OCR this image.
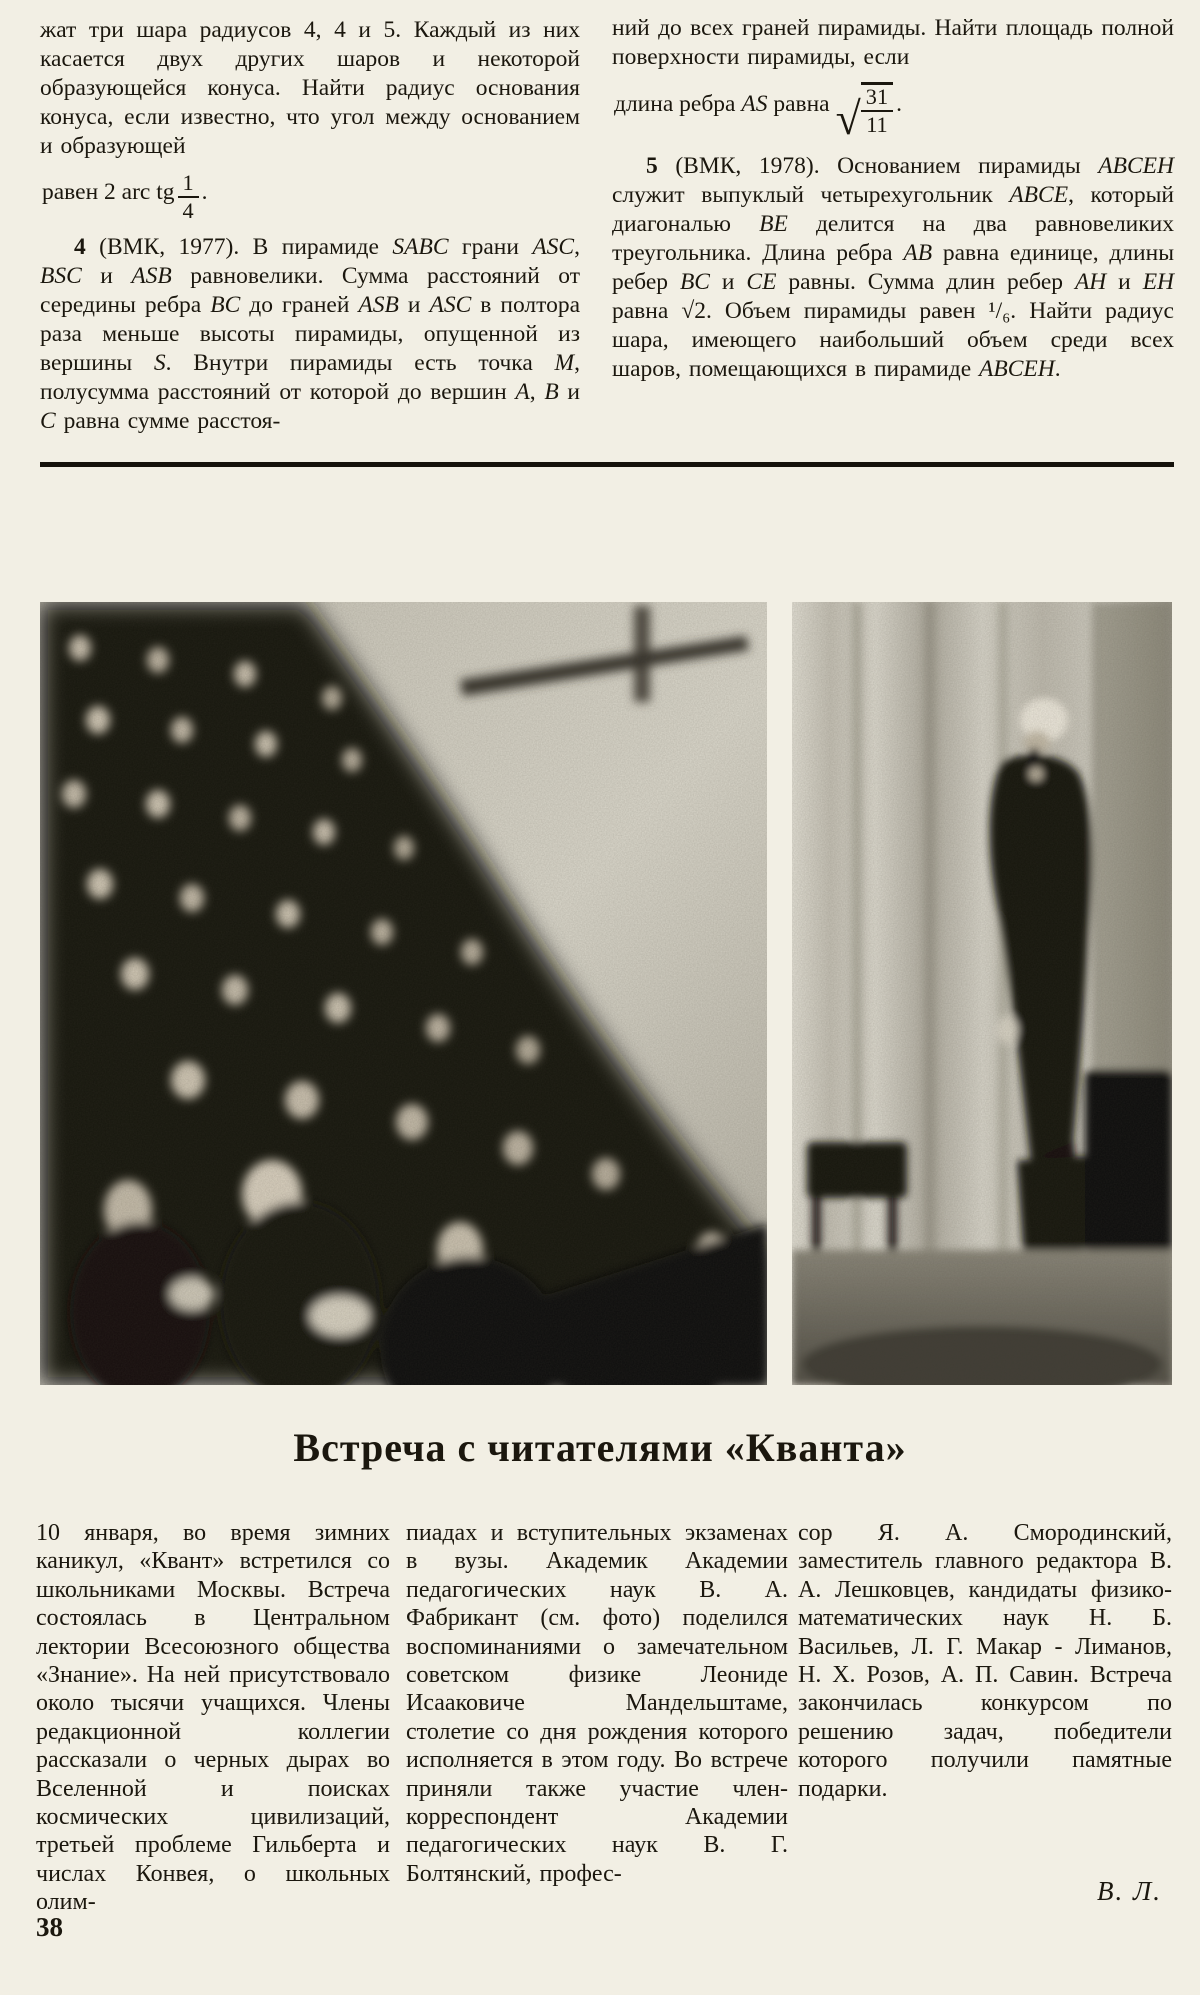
жат три шара радиусов 4, 4 и 5. Каждый из них касается двух других шаров и некоторой образующейся конуса. Найти радиус основания конуса, если известно, что угол между основанием и образующей

равен 2 arc tg $\frac{1}{4}$ .

4 (ВМК, 1977). В пирамиде SABC грани ASC, BSC и ASB равновелики. Сумма расстояний от середины ребра BC до граней ASB и ASC в полтора раза меньше высоты пирамиды, опущенной из вершины S. Внутри пирамиды есть точка M, полусумма расстояний от которой до вершин A, B и C равна сумме расстоя-

ний до всех граней пирамиды. Найти площадь полной поверхности пирамиды, если

длина ребра AS равна √ $\frac{31}{11}$ .

5 (ВМК, 1978). Основанием пирамиды ABCEH служит выпуклый четырехугольник ABCE, который диагональю BE делится на два равновеликих треугольника. Длина ребра AB равна единице, длины ребер BC и CE равны. Сумма длин ребер AH и EH равна √2. Объем пирамиды равен ¹/₆. Найти радиус шара, имеющего наибольший объем среди всех шаров, помещающихся в пирамиде ABCEH.

Встреча с читателями «Кванта»

10 января, во время зимних каникул, «Квант» встретился со школьниками Москвы. Встреча состоялась в Центральном лектории Всесоюзного общества «Знание». На ней присутствовало около тысячи учащихся. Члены редакционной коллегии рассказали о черных дырах во Вселенной и поисках космических цивилизаций, третьей проблеме Гильберта и числах Конвея, о школьных олим-

пиадах и вступительных экзаменах в вузы. Академик Академии педагогических наук В. А. Фабрикант (см. фото) поделился воспоминаниями о замечательном советском физике Леониде Исааковиче Мандельштаме, столетие со дня рождения которого исполняется в этом году. Во встрече приняли также участие член-корреспондент Академии педагогических наук В. Г. Болтянский, профес-

сор Я. А. Смородинский, заместитель главного редактора В. А. Лешковцев, кандидаты физико-математических наук Н. Б. Васильев, Л. Г. Макар - Лиманов, Н. Х. Розов, А. П. Савин. Встреча закончилась конкурсом по решению задач, победители которого получили памятные подарки.

В. Л.
38
